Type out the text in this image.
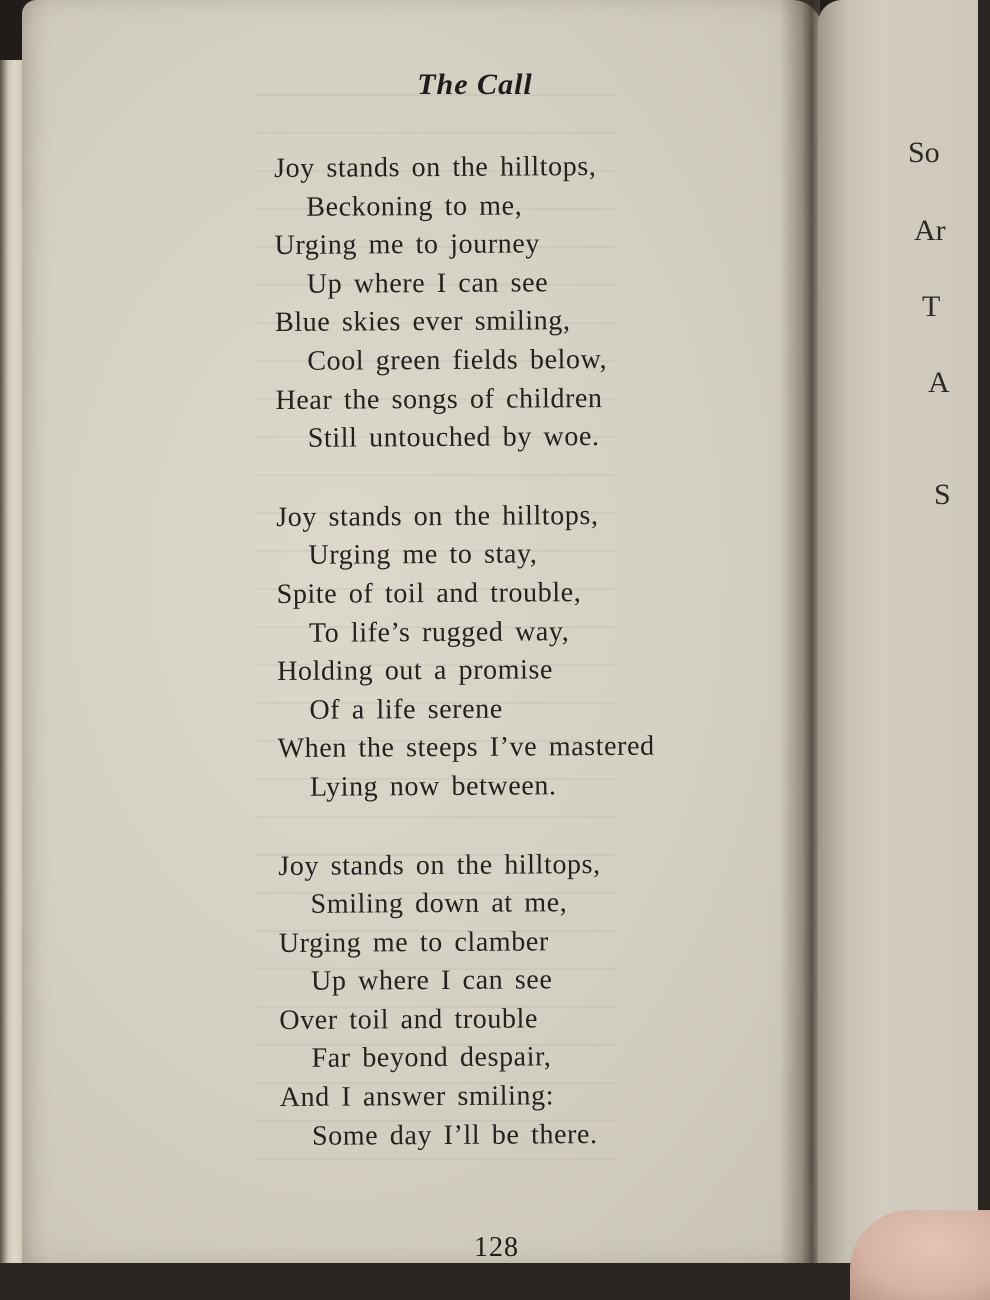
So
Ar
T
A
S
The Call
Joy stands on the hilltops,
Beckoning to me,
Urging me to journey
Up where I can see
Blue skies ever smiling,
Cool green fields below,
Hear the songs of children
Still untouched by woe.
Joy stands on the hilltops,
Urging me to stay,
Spite of toil and trouble,
To life’s rugged way,
Holding out a promise
Of a life serene
When the steeps I’ve mastered
Lying now between.
Joy stands on the hilltops,
Smiling down at me,
Urging me to clamber
Up where I can see
Over toil and trouble
Far beyond despair,
And I answer smiling:
Some day I’ll be there.
128
